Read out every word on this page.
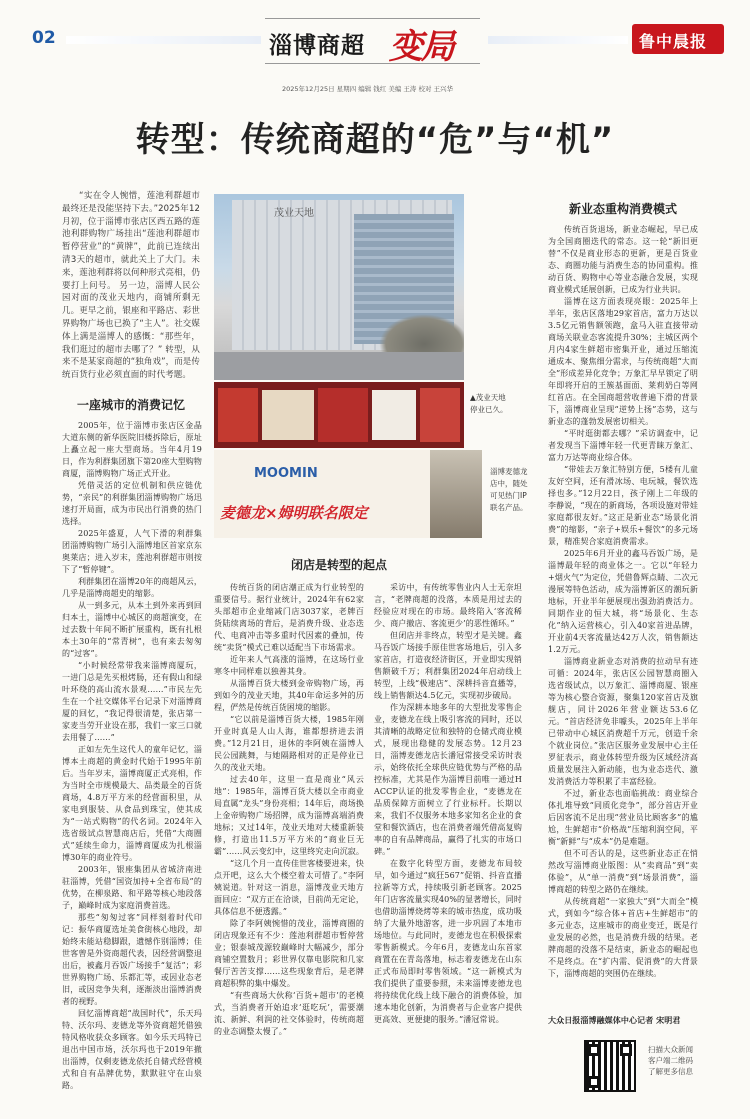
02	淄博商超 变局	鲁中晨报
2025年12月25日 星期四 编辑 钱红 美编 王涛 校对 王兴华
转型：传统商超的“危”与“机”
“实在令人惋惜，莲池利群超市最终还是没能坚持下去。”2025年12月初，位于淄博市张店区西五路的莲池利群购物广场挂出“莲池利群超市暂停营业”的“黄牌”，此前已连续出清3天的超市，就此关上了大门。未来，莲池利群将以何种形式亮相，仍要打上问号。 另一边，淄博人民公园对面的茂业天地内，商铺所剩无几。更早之前，银座和平路店、彩世界购物广场也已换了“主人”。社交媒体上满是淄博人的感慨：“那些年，我们逛过的超市去哪了？” 转型，从来不是某家商超的“独角戏”，而是传统百货行业必须直面的时代考题。
一座城市的消费记忆

2005年，位于淄博市张店区金晶大道东侧的新华医院旧楼拆除后，原址上矗立起一座大型商场。当年4月19日，作为利群集团旗下第20座大型购物商厦，淄博购物广场正式开业。

凭借灵活的定位机制和供应链优势，“亲民”的利群集团淄博购物广场迅速打开局面，成为市民出行消费的热门选择。

2025年盛夏，人气下滑的利群集团淄博购物广场引入淄博地区首家京东奥莱店；进入岁末，莲池利群超市则按下了“暂停键”。

利群集团在淄博20年的商超风云，几乎是淄博商超史的缩影。

从一到多元，从本土到外来再到回归本土，淄博中心城区的商超演变，在过去数十年间不断扩展重构，既有扎根本土30年的“常青树”，也有来去匆匆的“过客”。

“小时候经常带我来淄博商厦玩，一进门总是先买根烤肠，还有假山和绿叶环绕的高山流水景观……”市民左先生在一个社交媒体平台记录下对淄博商厦的回忆，“我记得很清楚，张店第一家麦当劳开业设在那，我们一家三口就去用餐了……”

正如左先生这代人的童年记忆，淄博本土商超的黄金时代始于1995年前后。当年岁末，淄博商厦正式亮相，作为当时全市规模最大、品类最全的百货商场，4.8万平方米的经营面积里，从家电到服装、从食品到珠宝，使其成为“一站式购物”的代名词。2024年入选省级试点智慧商店后，凭借“大商圈式”延续生命力，淄博商厦成为扎根淄博30年的商业符号。

2003年，银座集团从省城济南进驻淄博，凭借“国资加持+全省布局”的优势，在柳泉路、和平路等核心地段落子，巅峰时成为家庭消费首选。

那些“匆匆过客”同样刻着时代印记：振华商厦选址美食街核心地段，却始终未能站稳脚跟，遗憾作别淄博；佳世客曾是外资商超代表，因经营调整退出后，被鑫月吞饭广场接手“复活”；彩世界购物广场、乐都汇等，或因业态老旧，或因竞争失利，逐渐淡出淄博消费者的视野。

回忆淄博商超“战国时代”，乐天玛特、沃尔玛、麦德龙等外资商超凭借独特风格收获众多顾客。如今乐天玛特已退出中国市场，沃尔玛也于2019年撤出淄博，仅剩麦德龙依托自储式经营模式和自有品牌优势，默默驻守在山泉路。

茂业天地
▲茂业天地停业已久。
MOOMIN
麦德龙×姆明联名限定
淄博麦德龙店中，随处可见热门IP联名产品。
闭店是转型的起点

传统百货的闭店潮正成为行业转型的重要信号。据行业统计，2024年有62家头部超市企业缩减门店3037家，老牌百货陆续离场的背后，是消费升级、业态迭代、电商冲击等多重时代因素的叠加，传统“卖货”模式已难以适配当下市场需求。

近年来人气高涨的淄博，在这场行业寒冬中同样难以独善其身。

从淄博百货大楼到金帝购物广场，再到如今的茂业天地，其40年命运多舛的历程，俨然是传统百货困境的缩影。

“它以前是淄博百货大楼，1985年刚开业时真是人山人海，谁都想挤进去消费。”12月21日，退休的李阿姨在淄博人民公园跳舞，与她隔路相对的正是停业已久的茂业天地。

过去40年，这里一直是商业“风云地”：1985年，淄博百货大楼以全市商业局直属“龙头”身份亮相；14年后，商场换上金帝购物广场招牌，成为淄博高端消费地标；又过14年，茂业天地对大楼重新装修，打造出11.5万平方米的“商业巨无霸”……风云变幻中，这里终究走向沉寂。

“这几个月一直传佳世客楼要进来，快点开吧，这么大个楼空着太可惜了。”李阿姨说道。针对这一消息，淄博茂业天地方面回应：“双方正在洽谈，目前尚无定论，具体信息不便透露。”

除了李阿姨惋惜的茂业，淄博商圈的闭店现象还有不少：莲池利群超市暂停营业；银泰城茂源较巅峰时大幅减少，部分商铺空置数月；彩世界仅靠电影院和几家餐厅苦苦支撑……这些现象背后，是老牌商超积弊的集中爆发。

“有些商场大伙称‘百货+超市’的老模式，当消费者开始追求‘逛吃玩’，需要潮流、新鲜、利润的社交体验时，传统商超的业态调整太慢了。”

采访中，有传统零售业内人士无奈坦言，“老牌商超的没落，本质是用过去的经验应对现在的市场。最终陷入‘客流稀少、商户撤店、客流更少’的恶性循环。”

但闭店并非终点，转型才是关键。鑫马吞饭广场接手原佳世客场地后，引入多家首店，打造夜经济街区，开业即实现销售额破千万；利群集团2024年启动线上转型，上线“极速店”、深耕抖音直播等，线上销售额达4.5亿元，实现初步破局。

作为深耕本地多年的大型批发零售企业，麦德龙在线上吸引客流的同时，还以其清晰的战略定位和独特的仓储式商业模式，展现出稳健的发展态势。12月23日，淄博麦德龙店长潘冠常接受采访时表示，始终依托全球供应链优势与严格的品控标准，尤其是作为淄博目前唯一通过HACCP认证的批发零售企业，“麦德龙在品质保障方面树立了行业标杆。长期以来，我们不仅服务本地多家知名企业的食堂和餐饮酒店，也在消费者端凭借高复购率的自有品牌商品，赢得了扎实的市场口碑。”

在数字化转型方面，麦德龙布局较早，如今通过“疯狂567”促销、抖音直播拉新等方式，持续吸引新老顾客。2025年门店客流量实现40%的显著增长，同时也借助淄博烧烤等来的城市热度，成功吸纳了大量外地游客，进一步巩固了本地市场地位。与此同时，麦德龙也在积极探索零售新模式。今年6月，麦德龙山东首家商置在在青岛落地，标志着麦德龙在山东正式布局即时零售领域。“这一新模式为我们提供了重要参照，未来淄博麦德龙也将持续优化线上线下融合的消费体验，加速本地化创新，为消费者与企业客户提供更高效、更便捷的服务。”潘冠常说。

新业态重构消费模式

传统百货退场，新业态崛起，早已成为全国商圈迭代的常态。这一轮“新旧更替”不仅是商业形态的更新，更是百货业态、商圈功能与消费生态的协同重构。推动百货、购物中心等业态融合发展，实现商业模式延展创新，已成为行业共识。

淄博在这方面表现亮眼：2025年上半年，张店区落地29家首店，富力万达以3.5亿元销售额领跑，盒马入驻直接带动商场关联业态客流提升30%；主城区两个月内4家生鲜超市密集开业，通过压缩流通成本、聚焦细分需求，与传统商超“大而全”形成差异化竞争；万象汇早早锁定了明年即将开启的王簇基面面、莱莉奶白等网红首店。在全国商超营收普遍下滑的背景下，淄博商业呈现“逆势上扬”态势，这与新业态的蓬勃发展密切相关。

“平时逛街都去哪？”采访调查中，记者发现当下淄博年轻一代更青睐万象汇、富力万达等商业综合体。

“带娃去万象汇特别方便，5楼有儿童友好空间，还有滑冰场、电玩城，餐饮选择也多。”12月22日，孩子刚上二年级的李静说，“现在的新商场，各项设施对带娃家庭都很友好。”这正是新业态“场景化消费”的缩影，“亲子+娱乐+餐饮”的多元场景，精准契合家庭消费需求。

2025年6月开业的鑫马吞饭广场，是淄博最年轻的商业体之一。它以“年轻力+烟火气”为定位，凭借鲁辉点睛、二次元漫展等特色活动，成为淄博新区的潮玩新地标，开业半年便展现出强劲消费活力。同期作业的恒大城，将“场景化、生态化”纳入运营核心，引入40家首进品牌，开业前4天客流量达42万人次，销售额达1.2万元。

淄博商业新业态对消费的拉动早有迹可循：2024年，张店区公园智慧商圈入选省级试点，以万象汇、淄博商厦、银座等为核心整合资源，聚集120家首店及旗舰店，同计2026年营业额达53.6亿元。“首店经济免非噱头，2025年上半年已带动中心城区消费超千万元，创造千余个就业岗位。”张店区服务业发展中心主任罗征表示，商业体转型升级为区域经济高质量发展注入新动能，也为业态迭代、激发消费活力等积累了丰富经验。

不过，新业态也面临挑战：商业综合体扎堆导致“同质化竞争”，部分首店开业后因客流不足出现“营业员比顾客多”的尴尬，生鲜超市“价格战”压缩利润空间，平衡“新鲜”与“成本”仍是难题。

但不可否认的是，这些新业态正在悄然改写淄博商业版图：从“卖商品”到“卖体验”，从“单一消费”到“场景消费”，淄博商超的转型之路仍在继续。

从传统商超“一家独大”到“大而全”模式，到如今“综合体+首店+生鲜超市”的多元业态，这座城市的商业变迁，既是行业发展的必然，也是消费升级的结果。老牌商超的没落不是结束，新业态的崛起也不是终点。在“扩内需、促消费”的大背景下，淄博商超的突围仍在继续。

大众日报淄博融媒体中心记者 宋明君
扫描大众新闻客户端二维码了解更多信息
